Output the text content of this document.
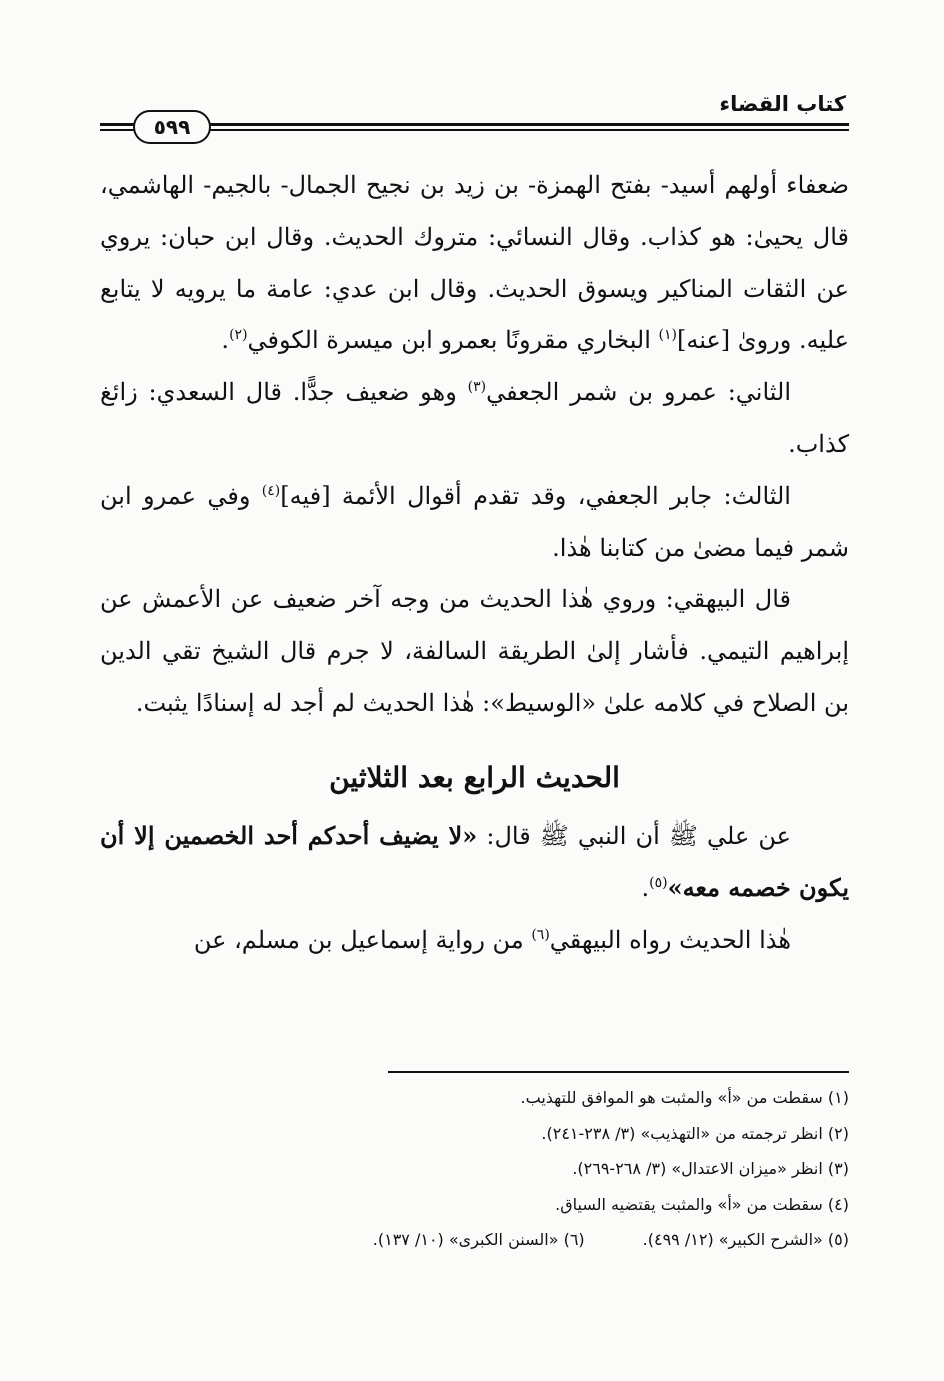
كتاب القضاء
٥٩٩

ضعفاء أولهم أسيد- بفتح الهمزة- بن زيد بن نجيح الجمال- بالجيم- الهاشمي، قال يحيىٰ: هو كذاب. وقال النسائي: متروك الحديث. وقال ابن حبان: يروي عن الثقات المناكير ويسوق الحديث. وقال ابن عدي: عامة ما يرويه لا يتابع عليه. ورویٰ [عنه]$^{(١)}$ البخاري مقرونًا بعمرو ابن ميسرة الكوفي$^{(٢)}$.

الثاني: عمرو بن شمر الجعفي$^{(٣)}$ وهو ضعيف جدًّا. قال السعدي: زائغ كذاب.

الثالث: جابر الجعفي، وقد تقدم أقوال الأئمة [فيه]$^{(٤)}$ وفي عمرو ابن شمر فيما مضىٰ من كتابنا هٰذا.

قال البيهقي: وروي هٰذا الحديث من وجه آخر ضعيف عن الأعمش عن إبراهيم التيمي. فأشار إلىٰ الطريقة السالفة، لا جرم قال الشيخ تقي الدين بن الصلاح في كلامه علىٰ «الوسيط»: هٰذا الحديث لم أجد له إسنادًا يثبت.

الحديث الرابع بعد الثلاثين

عن علي ﷺ أن النبي ﷺ قال: «لا يضيف أحدكم أحد الخصمين إلا أن يكون خصمه معه»$^{(٥)}$.

هٰذا الحديث رواه البيهقي$^{(٦)}$ من رواية إسماعيل بن مسلم، عن

(١) سقطت من «أ» والمثبت هو الموافق للتهذيب.
(٢) انظر ترجمته من «التهذيب» (٣/ ٢٣٨-٢٤١).
(٣) انظر «ميزان الاعتدال» (٣/ ٢٦٨-٢٦٩).
(٤) سقطت من «أ» والمثبت يقتضيه السياق.
(٥) «الشرح الكبير» (١٢/ ٤٩٩).
(٦) «السنن الكبرى» (١٠/ ١٣٧).
